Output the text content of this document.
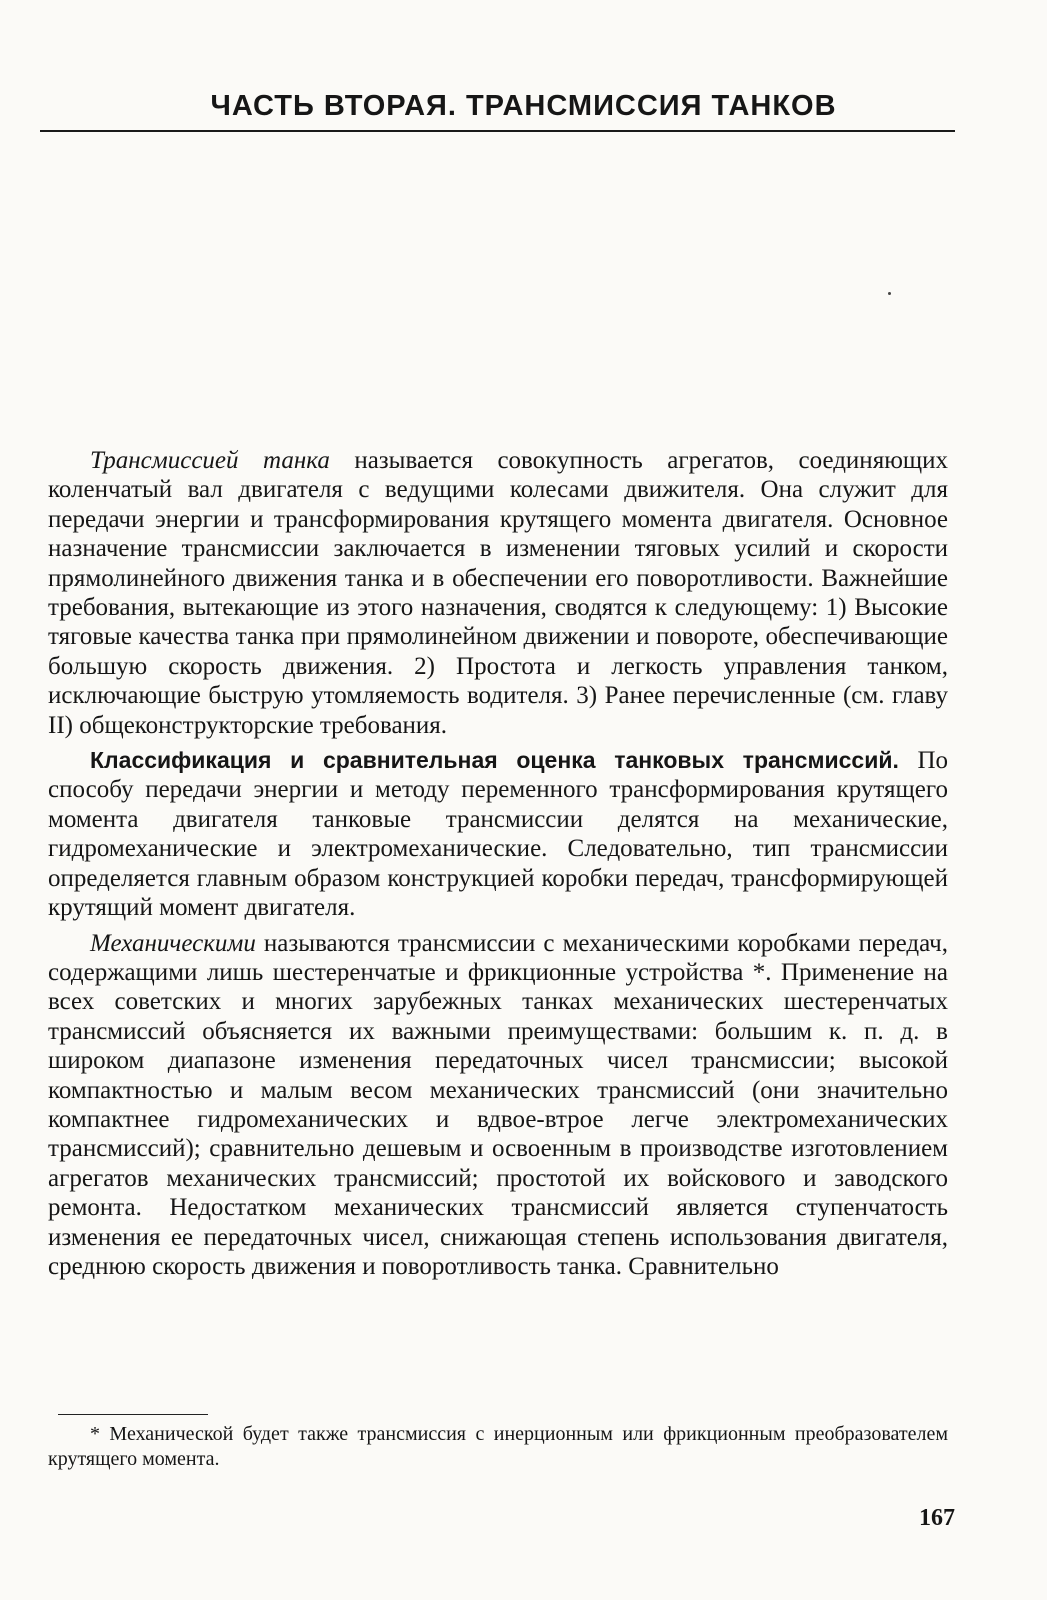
ЧАСТЬ ВТОРАЯ. ТРАНСМИССИЯ ТАНКОВ

Трансмиссией танка называется совокупность агрегатов, соединяющих коленчатый вал двигателя с ведущими колесами движителя. Она служит для передачи энергии и трансформирования крутящего момента двигателя. Основное назначение трансмиссии заключается в изменении тяговых усилий и скорости прямолинейного движения танка и в обеспечении его поворотливости. Важнейшие требования, вытекающие из этого назначения, сводятся к следующему: 1) Высокие тяговые качества танка при прямолинейном движении и повороте, обеспечивающие большую скорость движения. 2) Простота и легкость управления танком, исключающие быструю утомляемость водителя. 3) Ранее перечисленные (см. главу II) общеконструкторские требования.

Классификация и сравнительная оценка танковых трансмиссий. По способу передачи энергии и методу переменного трансформирования крутящего момента двигателя танковые трансмиссии делятся на механические, гидромеханические и электромеханические. Следовательно, тип трансмиссии определяется главным образом конструкцией коробки передач, трансформирующей крутящий момент двигателя.

Механическими называются трансмиссии с механическими коробками передач, содержащими лишь шестеренчатые и фрикционные устройства *. Применение на всех советских и многих зарубежных танках механических шестеренчатых трансмиссий объясняется их важными преимуществами: большим к. п. д. в широком диапазоне изменения передаточных чисел трансмиссии; высокой компактностью и малым весом механических трансмиссий (они значительно компактнее гидромеханических и вдвое-втрое легче электромеханических трансмиссий); сравнительно дешевым и освоенным в производстве изготовлением агрегатов механических трансмиссий; простотой их войскового и заводского ремонта. Недостатком механических трансмиссий является ступенчатость изменения ее передаточных чисел, снижающая степень использования двигателя, среднюю скорость движения и поворотливость танка. Сравнительно

* Механической будет также трансмиссия с инерционным или фрикционным преобразователем крутящего момента.

167
